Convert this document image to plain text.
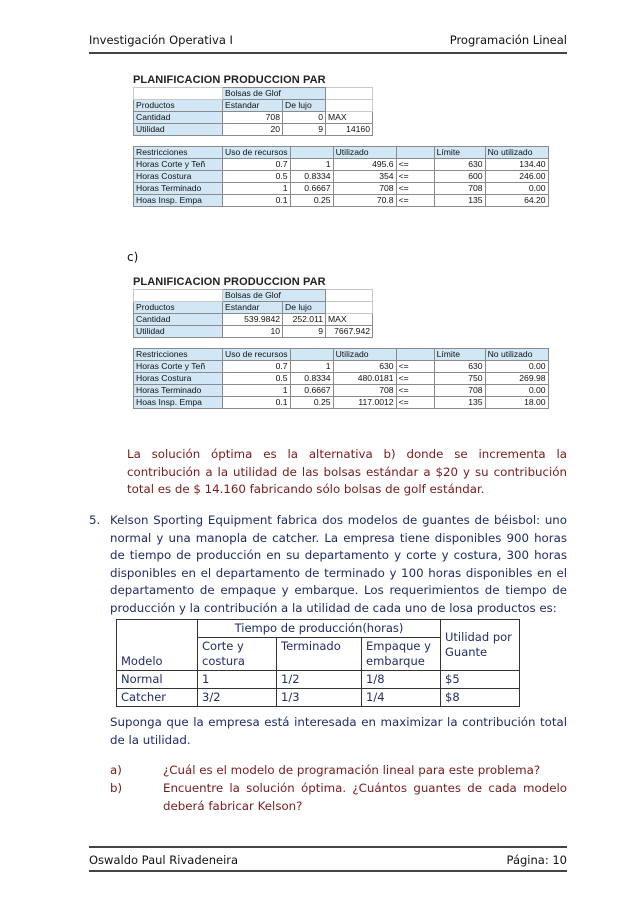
Investigación Operativa I	Programación Lineal
PLANIFICACION PRODUCCION PAR
	Bolsas de Glof		
Productos	Estandar	De lujo	
Cantidad	708	0	MAX
Utilidad	20	9	14160
Restricciones	Uso de recursos		Utilizado		Límite	No utilizado
Horas Corte y Teñ	0.7	1	495.6	<=	630	134.40
Horas Costura	0.5	0.8334	354	<=	600	246.00
Horas Terminado	1	0.6667	708	<=	708	0.00
Hoas Insp. Empa	0.1	0.25	70.8	<=	135	64.20
c)
PLANIFICACION PRODUCCION PAR
	Bolsas de Glof		
Productos	Estandar	De lujo	
Cantidad	539.9842	252.011	MAX
Utilidad	10	9	7667.942
Restricciones	Uso de recursos		Utilizado		Límite	No utilizado
Horas Corte y Teñ	0.7	1	630	<=	630	0.00
Horas Costura	0.5	0.8334	480.0181	<=	750	269.98
Horas Terminado	1	0.6667	708	<=	708	0.00
Hoas Insp. Empa	0.1	0.25	117.0012	<=	135	18.00
La solución óptima es la alternativa b) donde se incrementa la contribución a la utilidad de las bolsas estándar a $20 y su contribución total es de $ 14.160 fabricando sólo bolsas de golf estándar.
5. Kelson Sporting Equipment fabrica dos modelos de guantes de béisbol: uno normal y una manopla de catcher. La empresa tiene disponibles 900 horas de tiempo de producción en su departamento y corte y costura, 300 horas disponibles en el departamento de terminado y 100 horas disponibles en el departamento de empaque y embarque. Los requerimientos de tiempo de producción y la contribución a la utilidad de cada uno de losa productos es:
Modelo	Tiempo de producción(horas)			Utilidad por Guante
	Corte y costura	Terminado	Empaque y embarque	
Normal	1	1/2	1/8	$5
Catcher	3/2	1/3	1/4	$8
Suponga que la empresa está interesada en maximizar la contribución total de la utilidad.
a)	¿Cuál es el modelo de programación lineal para este problema?
b)	Encuentre la solución óptima. ¿Cuántos guantes de cada modelo deberá fabricar Kelson?
Oswaldo Paul Rivadeneira	Página: 10
